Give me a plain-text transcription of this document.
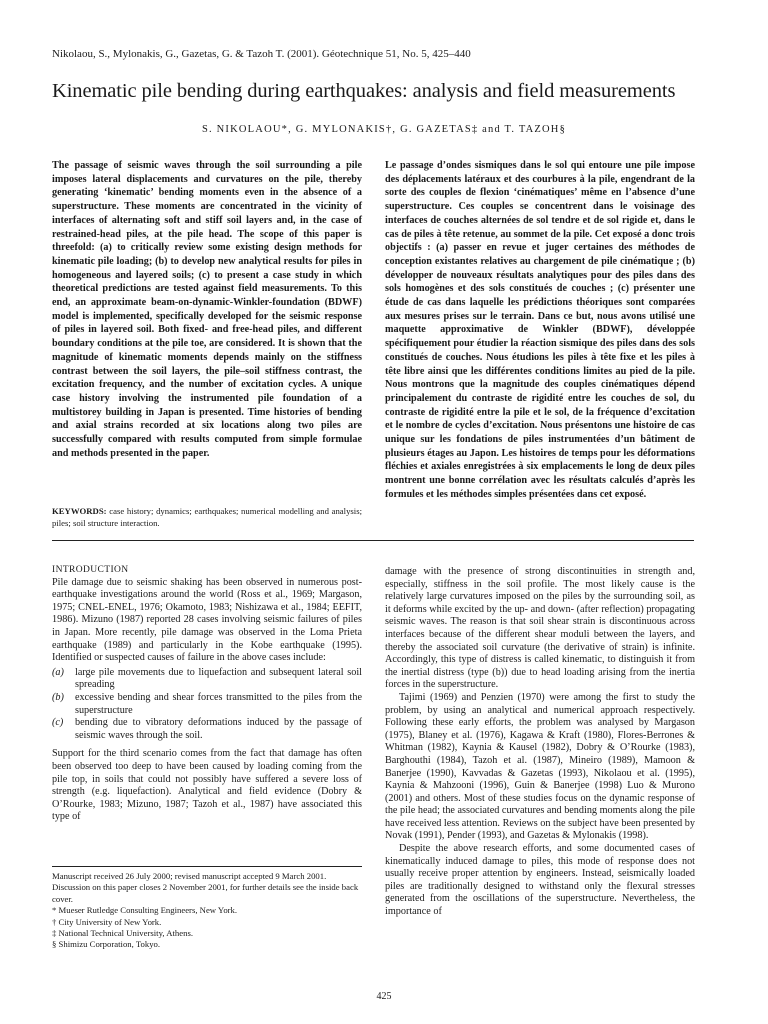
Nikolaou, S., Mylonakis, G., Gazetas, G. & Tazoh T. (2001). Géotechnique 51, No. 5, 425–440
Kinematic pile bending during earthquakes: analysis and field measurements
S. NIKOLAOU*, G. MYLONAKIS†, G. GAZETAS‡ and T. TAZOH§

The passage of seismic waves through the soil surrounding a pile imposes lateral displacements and curvatures on the pile, thereby generating ‘kinematic’ bending moments even in the absence of a superstructure. These moments are concentrated in the vicinity of interfaces of alternating soft and stiff soil layers and, in the case of restrained-head piles, at the pile head. The scope of this paper is threefold: (a) to critically review some existing design methods for kinematic pile loading; (b) to develop new analytical results for piles in homogeneous and layered soils; (c) to present a case study in which theoretical predictions are tested against field measurements. To this end, an approximate beam-on-dynamic-Winkler-foundation (BDWF) model is implemented, specifically developed for the seismic response of piles in layered soil. Both fixed- and free-head piles, and different boundary conditions at the pile toe, are considered. It is shown that the magnitude of kinematic moments depends mainly on the stiffness contrast between the soil layers, the pile–soil stiffness contrast, the excitation frequency, and the number of excitation cycles. A unique case history involving the instrumented pile foundation of a multistorey building in Japan is presented. Time histories of bending and axial strains recorded at six locations along two piles are successfully compared with results computed from simple formulae and methods presented in the paper.

Le passage d’ondes sismiques dans le sol qui entoure une pile impose des déplacements latéraux et des courbures à la pile, engendrant de la sorte des couples de flexion ‘cinématiques’ même en l’absence d’une superstructure. Ces couples se concentrent dans le voisinage des interfaces de couches alternées de sol tendre et de sol rigide et, dans le cas de piles à tête retenue, au sommet de la pile. Cet exposé a donc trois objectifs : (a) passer en revue et juger certaines des méthodes de conception existantes relatives au chargement de pile cinématique ; (b) développer de nouveaux résultats analytiques pour des piles dans des sols homogènes et des sols constitués de couches ; (c) présenter une étude de cas dans laquelle les prédictions théoriques sont comparées aux mesures prises sur le terrain. Dans ce but, nous avons utilisé une maquette approximative de Winkler (BDWF), développée spécifiquement pour étudier la réaction sismique des piles dans des sols constitués de couches. Nous étudions les piles à tête fixe et les piles à tête libre ainsi que les différentes conditions limites au pied de la pile. Nous montrons que la magnitude des couples cinématiques dépend principalement du contraste de rigidité entre les couches de sol, du contraste de rigidité entre la pile et le sol, de la fréquence d’excitation et le nombre de cycles d’excitation. Nous présentons une histoire de cas unique sur les fondations de piles instrumentées d’un bâtiment de plusieurs étages au Japon. Les histoires de temps pour les déformations fléchies et axiales enregistrées à six emplacements le long de deux piles montrent une bonne corrélation avec les résultats calculés d’après les formules et les méthodes simples présentées dans cet exposé.

KEYWORDS: case history; dynamics; earthquakes; numerical modelling and analysis; piles; soil structure interaction.

INTRODUCTION

Pile damage due to seismic shaking has been observed in numerous post-earthquake investigations around the world (Ross et al., 1969; Margason, 1975; CNEL-ENEL, 1976; Okamoto, 1983; Nishizawa et al., 1984; EEFIT, 1986). Mizuno (1987) reported 28 cases involving seismic failures of piles in Japan. More recently, pile damage was observed in the Loma Prieta earthquake (1989) and particularly in the Kobe earthquake (1995). Identified or suspected causes of failure in the above cases include:

(a) large pile movements due to liquefaction and subsequent lateral soil spreading
(b) excessive bending and shear forces transmitted to the piles from the superstructure
(c) bending due to vibratory deformations induced by the passage of seismic waves through the soil.

Support for the third scenario comes from the fact that damage has often been observed too deep to have been caused by loading coming from the pile top, in soils that could not possibly have suffered a severe loss of strength (e.g. liquefaction). Analytical and field evidence (Dobry & O’Rourke, 1983; Mizuno, 1987; Tazoh et al., 1987) have associated this type of

Manuscript received 26 July 2000; revised manuscript accepted 9 March 2001.

Discussion on this paper closes 2 November 2001, for further details see the inside back cover.

* Mueser Rutledge Consulting Engineers, New York.

† City University of New York.

‡ National Technical University, Athens.

§ Shimizu Corporation, Tokyo.

damage with the presence of strong discontinuities in strength and, especially, stiffness in the soil profile. The most likely cause is the relatively large curvatures imposed on the piles by the surrounding soil, as it deforms while excited by the up- and down- (after reflection) propagating seismic waves. The reason is that soil shear strain is discontinuous across interfaces because of the different shear moduli between the layers, and thereby the associated soil curvature (the derivative of strain) is infinite. Accordingly, this type of distress is called kinematic, to distinguish it from the inertial distress (type (b)) due to head loading arising from the inertia forces in the superstructure.

Tajimi (1969) and Penzien (1970) were among the first to study the problem, by using an analytical and numerical approach respectively. Following these early efforts, the problem was analysed by Margason (1975), Blaney et al. (1976), Kagawa & Kraft (1980), Flores-Berrones & Whitman (1982), Kaynia & Kausel (1982), Dobry & O’Rourke (1983), Barghouthi (1984), Tazoh et al. (1987), Mineiro (1989), Mamoon & Banerjee (1990), Kavvadas & Gazetas (1993), Nikolaou et al. (1995), Kaynia & Mahzooni (1996), Guin & Banerjee (1998) Luo & Murono (2001) and others. Most of these studies focus on the dynamic response of the pile head; the associated curvatures and bending moments along the pile have received less attention. Reviews on the subject have been presented by Novak (1991), Pender (1993), and Gazetas & Mylonakis (1998).

Despite the above research efforts, and some documented cases of kinematically induced damage to piles, this mode of response does not usually receive proper attention by engineers. Instead, seismically loaded piles are traditionally designed to withstand only the flexural stresses generated from the oscillations of the superstructure. Nevertheless, the importance of

425
